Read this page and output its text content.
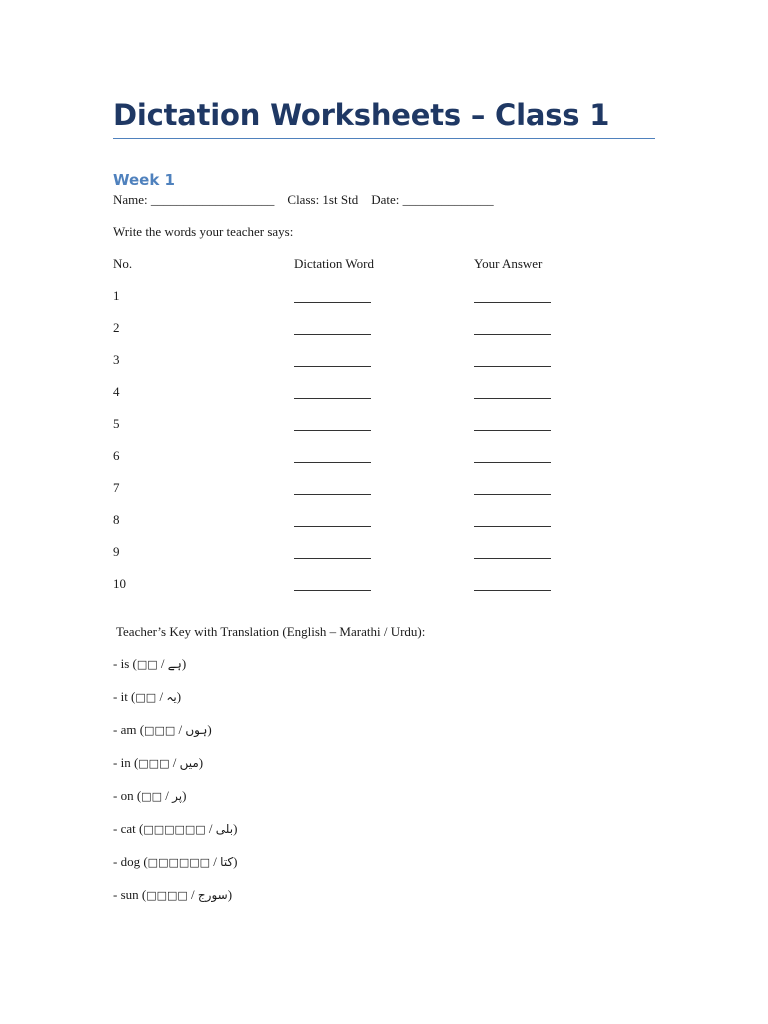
Dictation Worksheets – Class 1
Week 1
Name: ___________________    Class: 1st Std    Date: ______________
Write the words your teacher says:
No.	Dictation Word	Your Answer
1
2
3
4
5
6
7
8
9
10
Teacher’s Key with Translation (English – Marathi / Urdu):
- is (□□ / ہے)
- it (□□ / یہ)
- am (□□□ / ہوں)
- in (□□□ / میں)
- on (□□ / پر)
- cat (□□□□□□ / بلی)
- dog (□□□□□□ / کتا)
- sun (□□□□ / سورج)
